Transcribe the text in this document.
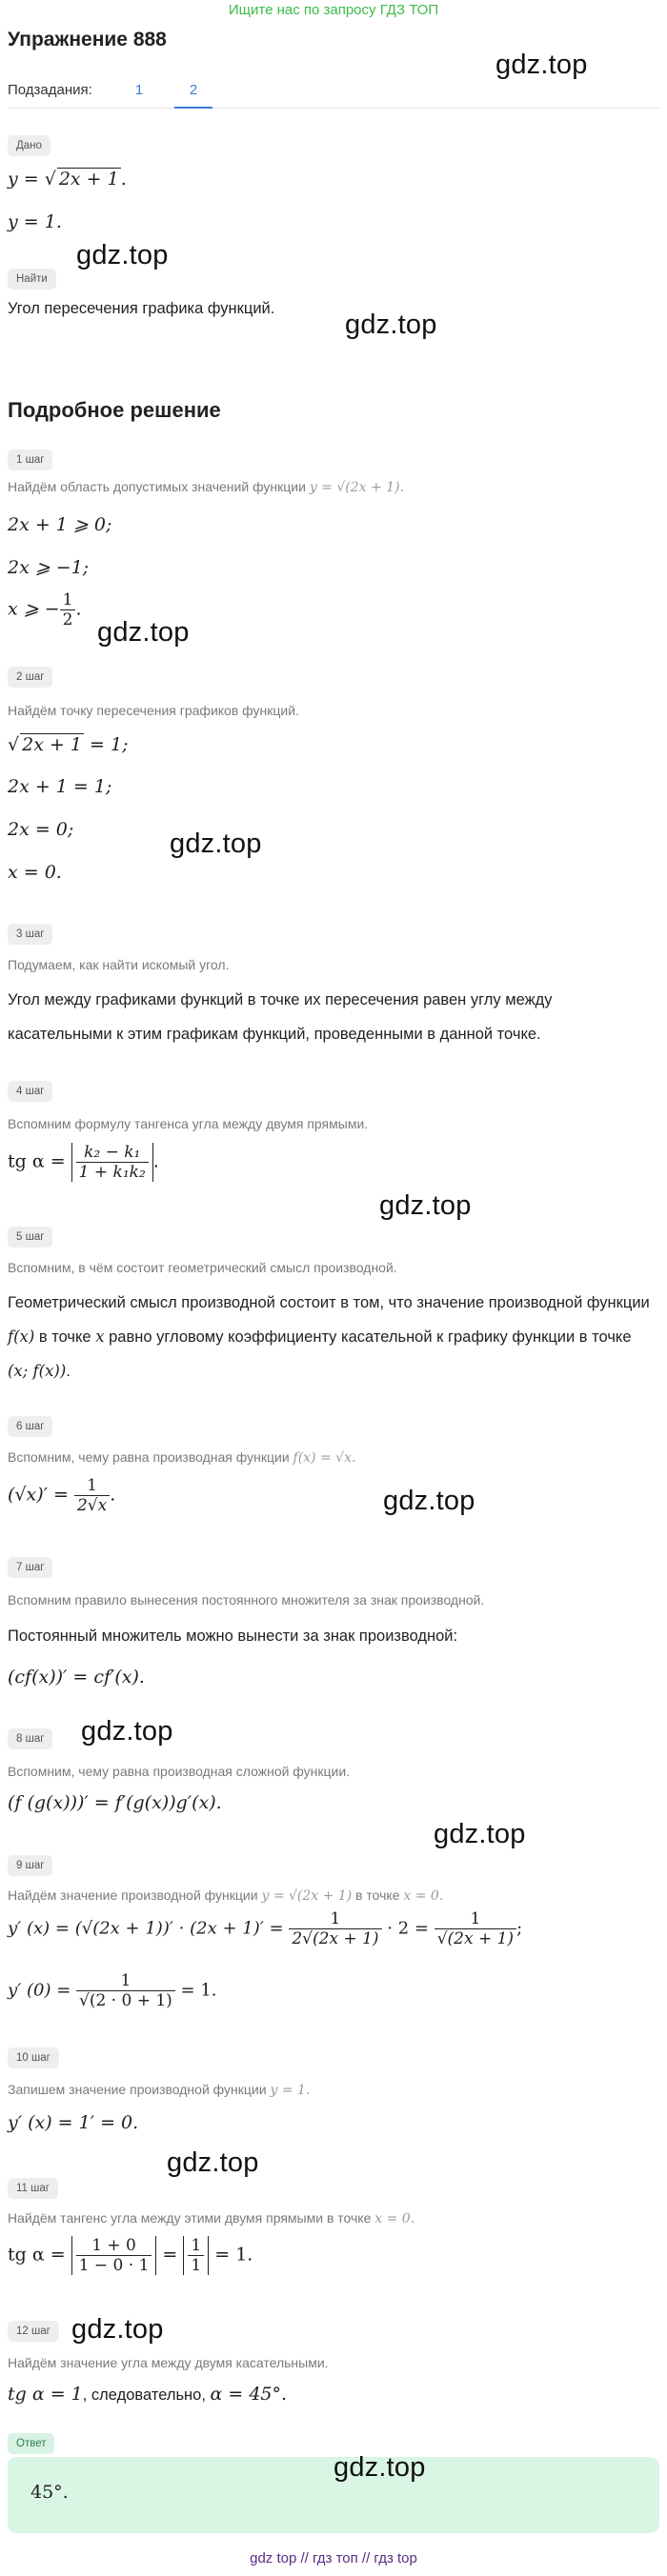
Ищите нас по запросу ГДЗ ТОП
Упражнение 888
Подзадания:	1	2
Дано
y = √ 2x + 1 .
y = 1.
Найти
Угол пересечения графика функций.
Подробное решение
1 шаг
Найдём область допустимых значений функции y = √(2x + 1).
2x + 1 ⩾ 0;
2x ⩾ −1;
x ⩾ − $\frac{1}{2}$ .
2 шаг
Найдём точку пересечения графиков функций.
√ 2x + 1 = 1;
2x + 1 = 1;
2x = 0;
x = 0.
3 шаг
Подумаем, как найти искомый угол.
Угол между графиками функций в точке их пересечения равен углу между касательными к этим графикам функций, проведенными в данной точке.
4 шаг
Вспомним формулу тангенса угла между двумя прямыми.
tg $\alpha = \frac{\text{k₂ − k₁}}{\text{1 + k₁k₂}}$ .
5 шаг
Вспомним, в чём состоит геометрический смысл производной.
Геометрический смысл производной состоит в том, что значение производной функции f(x) в точке x равно угловому коэффициенту касательной к графику функции в точке (x; f(x)).
6 шаг
Вспомним, чему равна производная функции f(x) = √x.
$(√x)' = \frac{1}{2√x}$ .
7 шаг
Вспомним правило вынесения постоянного множителя за знак производной.
Постоянный множитель можно вынести за знак производной:
(cf(x))′ = cf′(x).
8 шаг
Вспомним, чему равна производная сложной функции.
(f (g(x)))′ = f′(g(x))g′(x).
9 шаг
Найдём значение производной функции y = √(2x + 1) в точке x = 0.
y′ $(x) = (√(2x + 1))' \cdot (2x + 1)' = \frac{1}{2√(2x + 1)} \cdot 2 = \frac{1}{√(2x + 1)}$ ;
y′ $(0) = \frac{1}{√(2 \cdot 0 + 1)} = 1$.
10 шаг
Запишем значение производной функции y = 1.
y′ (x) = 1′ = 0.
11 шаг
Найдём тангенс угла между этими двумя прямыми в точке x = 0.
tg $\alpha = \frac{1 + 0}{1 - 0 \cdot 1} = \frac{1}{1} = 1$.
12 шаг
Найдём значение угла между двумя касательными.
tg α = 1, следовательно, α = 45°.
Ответ
45°.
gdz.top
gdz.top
gdz.top
gdz.top
gdz.top
gdz.top
gdz.top
gdz.top
gdz.top
gdz.top
gdz.top
gdz.top
gdz top // гдз топ // гдз top
